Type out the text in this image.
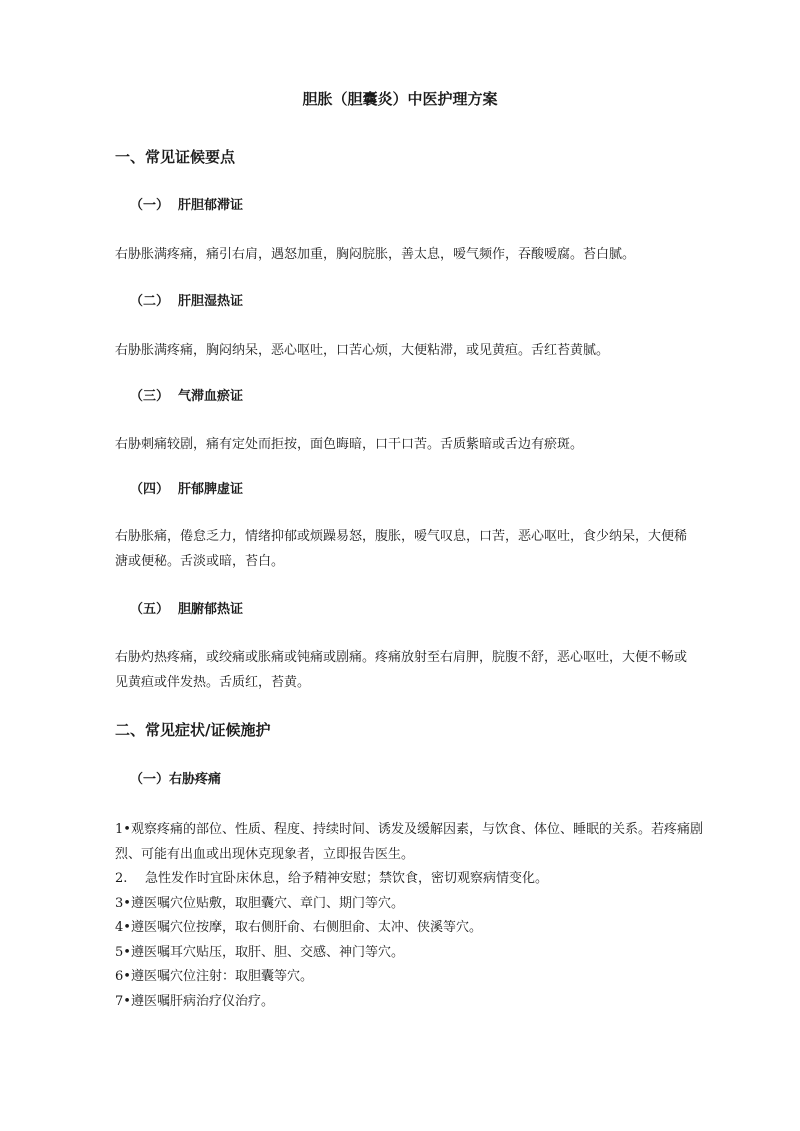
胆胀（胆囊炎）中医护理方案
一、常见证候要点
（一） 肝胆郁滞证
右胁胀满疼痛，痛引右肩，遇怒加重，胸闷脘胀，善太息，嗳气频作，吞酸嗳腐。苔白腻。
（二） 肝胆湿热证
右胁胀满疼痛，胸闷纳呆，恶心呕吐，口苦心烦，大便粘滞，或见黄疸。舌红苔黄腻。
（三） 气滞血瘀证
右胁刺痛较剧，痛有定处而拒按，面色晦暗，口干口苦。舌质紫暗或舌边有瘀斑。
（四） 肝郁脾虚证
右胁胀痛，倦怠乏力，情绪抑郁或烦躁易怒，腹胀，嗳气叹息，口苦，恶心呕吐，食少纳呆，大便稀溏或便秘。舌淡或暗，苔白。
（五） 胆腑郁热证
右胁灼热疼痛，或绞痛或胀痛或钝痛或剧痛。疼痛放射至右肩胛，脘腹不舒，恶心呕吐，大便不畅或见黄疸或伴发热。舌质红，苔黄。
二、常见症状/证候施护
（一）右胁疼痛
1•观察疼痛的部位、性质、程度、持续时间、诱发及缓解因素，与饮食、体位、睡眠的关系。若疼痛剧烈、可能有出血或出现休克现象者，立即报告医生。
2. 急性发作时宜卧床休息，给予精神安慰；禁饮食，密切观察病情变化。
3•遵医嘱穴位贴敷，取胆囊穴、章门、期门等穴。
4•遵医嘱穴位按摩，取右侧肝俞、右侧胆俞、太冲、侠溪等穴。
5•遵医嘱耳穴贴压，取肝、胆、交感、神门等穴。
6•遵医嘱穴位注射：取胆囊等穴。
7•遵医嘱肝病治疗仪治疗。
